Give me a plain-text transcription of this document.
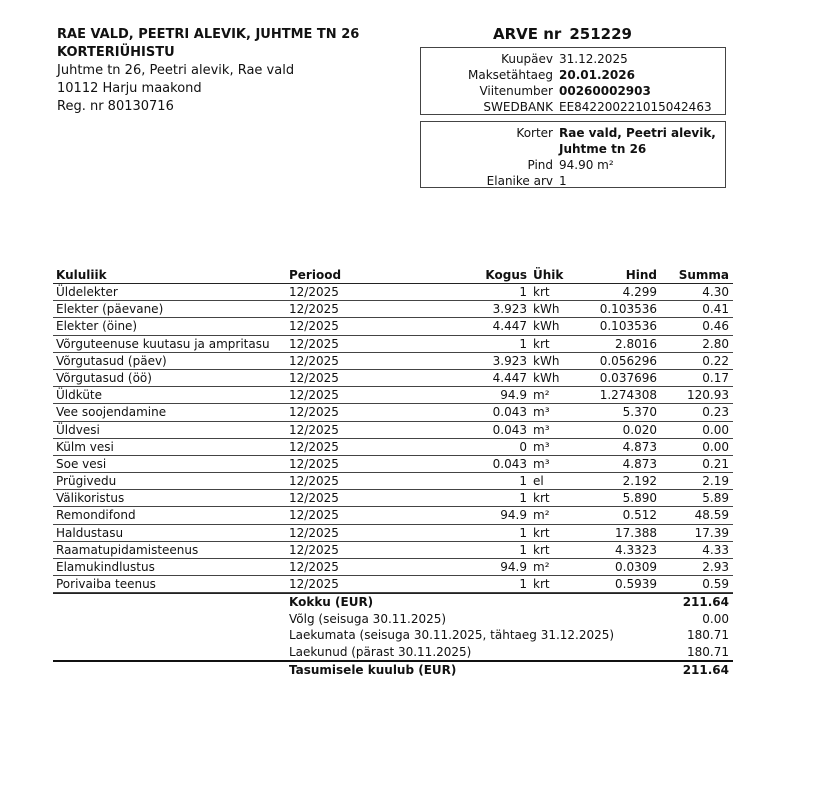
RAE VALD, PEETRI ALEVIK, JUHTME TN 26
KORTERIÜHISTU
Juhtme tn 26, Peetri alevik, Rae vald
10112 Harju maakond
Reg. nr 80130716
ARVE nr 251229
Kuupäev 31.12.2025
Maksetähtaeg 20.01.2026
Viitenumber 00260002903
SWEDBANK EE842200221015042463
Korter Rae vald, Peetri alevik,
Juhtme tn 26
Pind 94.90 m²
Elanike arv 1
Kululiik	Periood	Kogus Ühik	Hind	Summa
Üldelekter	12/2025	1 krt	4.299	4.30
Elekter (päevane)	12/2025	3.923 kWh	0.103536	0.41
Elekter (öine)	12/2025	4.447 kWh	0.103536	0.46
Võrguteenuse kuutasu ja ampritasu	12/2025	1 krt	2.8016	2.80
Võrgutasud (päev)	12/2025	3.923 kWh	0.056296	0.22
Võrgutasud (öö)	12/2025	4.447 kWh	0.037696	0.17
Üldküte	12/2025	94.9 m²	1.274308	120.93
Vee soojendamine	12/2025	0.043 m³	5.370	0.23
Üldvesi	12/2025	0.043 m³	0.020	0.00
Külm vesi	12/2025	0 m³	4.873	0.00
Soe vesi	12/2025	0.043 m³	4.873	0.21
Prügivedu	12/2025	1 el	2.192	2.19
Välikoristus	12/2025	1 krt	5.890	5.89
Remondifond	12/2025	94.9 m²	0.512	48.59
Haldustasu	12/2025	1 krt	17.388	17.39
Raamatupidamisteenus	12/2025	1 krt	4.3323	4.33
Elamukindlustus	12/2025	94.9 m²	0.0309	2.93
Porivaiba teenus	12/2025	1 krt	0.5939	0.59
Kokku (EUR)	211.64
Võlg (seisuga 30.11.2025)	0.00
Laekumata (seisuga 30.11.2025, tähtaeg 31.12.2025)	180.71
Laekunud (pärast 30.11.2025)	180.71
Tasumisele kuulub (EUR)	211.64
